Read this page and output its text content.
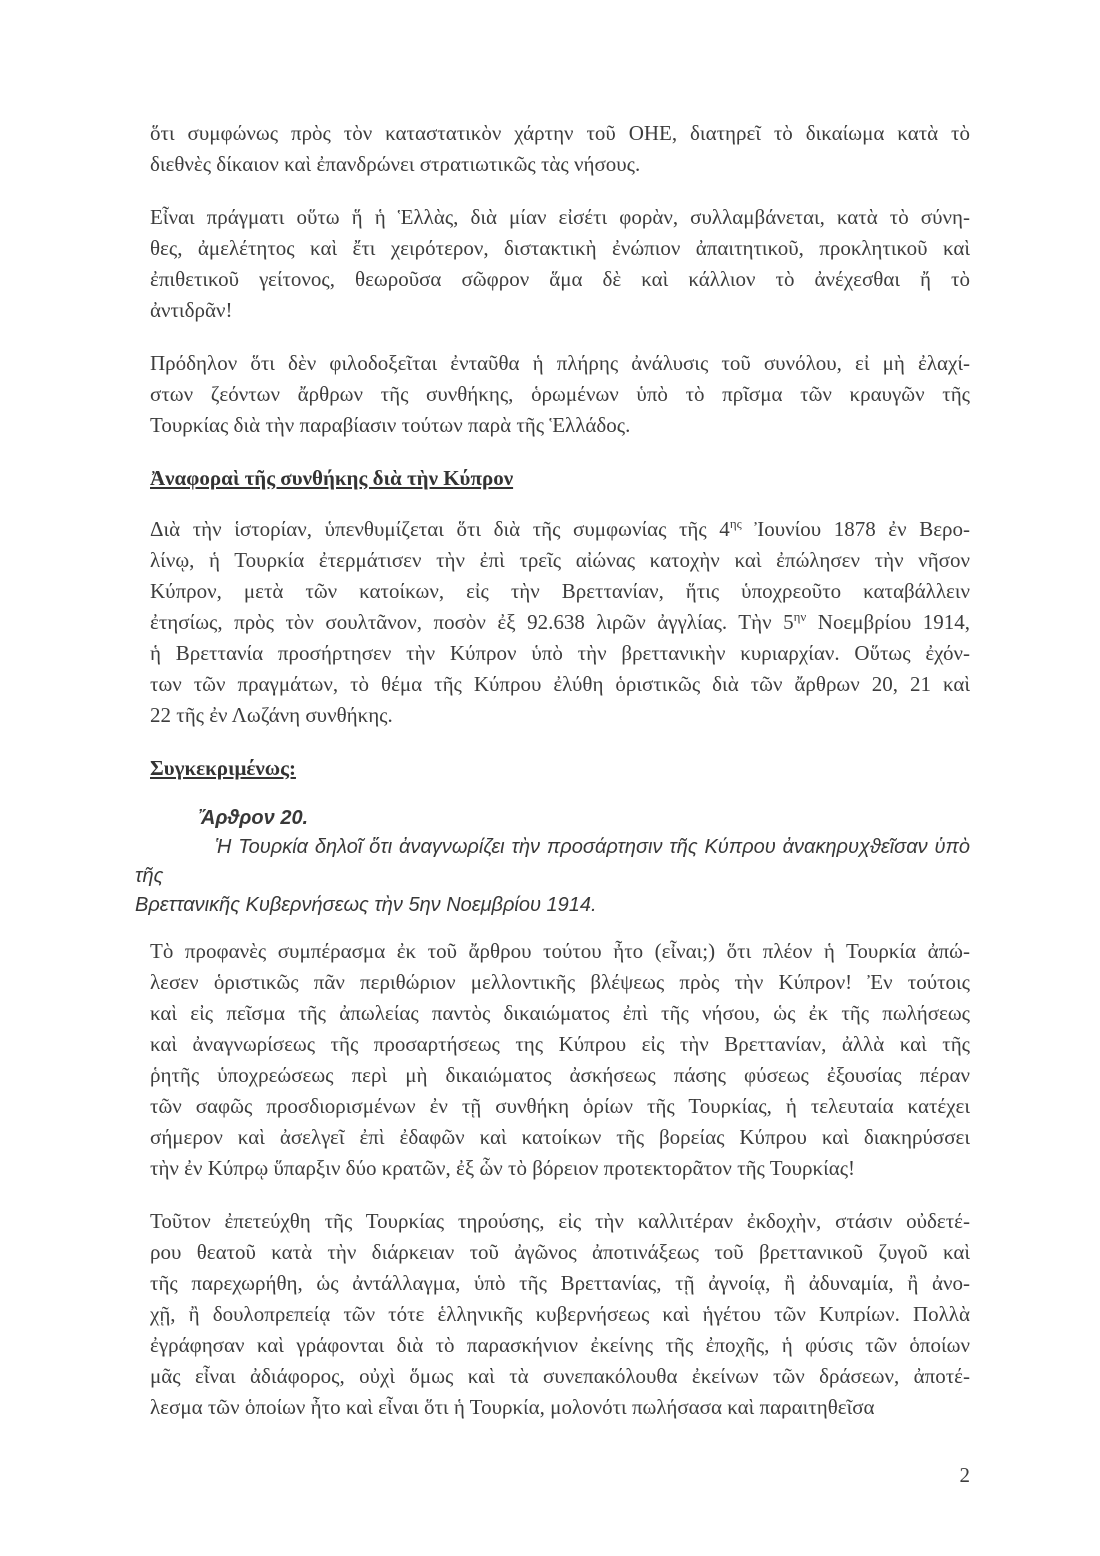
ὅτι συμφώνως πρὸς τὸν καταστατικὸν χάρτην τοῦ ΟΗΕ, διατηρεῖ τὸ δικαίωμα κατὰ τὸ
διεθνὲς δίκαιον καὶ ἐπανδρώνει στρατιωτικῶς τὰς νήσους.
Εἶναι πράγματι οὕτω ἥ ἡ Ἑλλὰς, διὰ μίαν εἰσέτι φορὰν, συλλαμβάνεται, κατὰ τὸ σύνη-
θες, ἀμελέτητος καὶ ἔτι χειρότερον, διστακτικὴ ἐνώπιον ἀπαιτητικοῦ, προκλητικοῦ καὶ
ἐπιθετικοῦ γείτονος, θεωροῦσα σῶφρον ἅμα δὲ καὶ κάλλιον τὸ ἀνέχεσθαι ἤ τὸ
ἀντιδρᾶν!
Πρόδηλον ὅτι δὲν φιλοδοξεῖται ἐνταῦθα ἡ πλήρης ἀνάλυσις τοῦ συνόλου, εἰ μὴ ἐλαχί-
στων ζεόντων ἄρθρων τῆς συνθήκης, ὁρωμένων ὑπὸ τὸ πρῖσμα τῶν κραυγῶν τῆς
Τουρκίας διὰ τὴν παραβίασιν τούτων παρὰ τῆς Ἑλλάδος.
Ἀναφοραὶ τῆς συνθήκης διὰ τὴν Κύπρον
Διὰ τὴν ἱστορίαν, ὑπενθυμίζεται ὅτι διὰ τῆς συμφωνίας τῆς $4^{\eta\varsigma}$ Ἰουνίου 1878 ἐν Βερο-
λίνῳ, ἡ Τουρκία ἐτερμάτισεν τὴν ἐπὶ τρεῖς αἰώνας κατοχὴν καὶ ἐπώλησεν τὴν νῆσον
Κύπρον, μετὰ τῶν κατοίκων, εἰς τὴν Βρεττανίαν, ἥτις ὑποχρεοῦτο καταβάλλειν
ἐτησίως, πρὸς τὸν σουλτᾶνον, ποσὸν ἐξ 92.638 λιρῶν ἀγγλίας. Τὴν $5^{\eta\nu}$ Νοεμβρίου 1914,
ἡ Βρεττανία προσήρτησεν τὴν Κύπρον ὑπὸ τὴν βρεττανικὴν κυριαρχίαν. Οὕτως ἐχόν-
των τῶν πραγμάτων, τὸ θέμα τῆς Κύπρου ἐλύθη ὁριστικῶς διὰ τῶν ἄρθρων 20, 21 καὶ
22 τῆς ἐν Λωζάνη συνθήκης.
Συγκεκριμένως:
Ἄρϑρον 20.
Ἡ Τουρκία δηλοῖ ὅτι ἀναγνωρίζει τὴν προσάρτησιν τῆς Κύπρου ἀνακηρυχϑεῖσαν ὑπὸ τῆς
Βρεττανικῆς Κυβερνήσεως τὴν 5ην Νοεμβρίου 1914.
Τὸ προφανὲς συμπέρασμα ἐκ τοῦ ἄρθρου τούτου ἦτο (εἶναι;) ὅτι πλέον ἡ Τουρκία ἀπώ-
λεσεν ὁριστικῶς πᾶν περιθώριον μελλοντικῆς βλέψεως πρὸς τὴν Κύπρον! Ἐν τούτοις
καὶ εἰς πεῖσμα τῆς ἀπωλείας παντὸς δικαιώματος ἐπὶ τῆς νήσου, ὡς ἐκ τῆς πωλήσεως
καὶ ἀναγνωρίσεως τῆς προσαρτήσεως της Κύπρου εἰς τὴν Βρεττανίαν, ἀλλὰ καὶ τῆς
ῥητῆς ὑποχρεώσεως περὶ μὴ δικαιώματος ἀσκήσεως πάσης φύσεως ἐξουσίας πέραν
τῶν σαφῶς προσδιορισμένων ἐν τῇ συνθήκη ὁρίων τῆς Τουρκίας, ἡ τελευταία κατέχει
σήμερον καὶ ἀσελγεῖ ἐπὶ ἐδαφῶν καὶ κατοίκων τῆς βορείας Κύπρου καὶ διακηρύσσει
τὴν ἐν Κύπρῳ ὕπαρξιν δύο κρατῶν, ἐξ ὧν τὸ βόρειον προτεκτορᾶτον τῆς Τουρκίας!
Τοῦτον ἐπετεύχθη τῆς Τουρκίας τηρούσης, εἰς τὴν καλλιτέραν ἐκδοχὴν, στάσιν οὐδετέ-
ρου θεατοῦ κατὰ τὴν διάρκειαν τοῦ ἀγῶνος ἀποτινάξεως τοῦ βρεττανικοῦ ζυγοῦ καὶ
τῆς παρεχωρήθη, ὡς ἀντάλλαγμα, ὑπὸ τῆς Βρεττανίας, τῇ ἀγνοίᾳ, ἢ ἀδυναμία, ἢ ἀνο-
χῇ, ἢ δουλοπρεπείᾳ τῶν τότε ἑλληνικῆς κυβερνήσεως καὶ ἡγέτου τῶν Κυπρίων. Πολλὰ
ἐγράφησαν καὶ γράφονται διὰ τὸ παρασκήνιον ἐκείνης τῆς ἐποχῆς, ἡ φύσις τῶν ὁποίων
μᾶς εἶναι ἀδιάφορος, οὐχὶ ὅμως καὶ τὰ συνεπακόλουθα ἐκείνων τῶν δράσεων, ἀποτέ-
λεσμα τῶν ὁποίων ἦτο καὶ εἶναι ὅτι ἡ Τουρκία, μολονότι πωλήσασα καὶ παραιτηθεῖσα
2
